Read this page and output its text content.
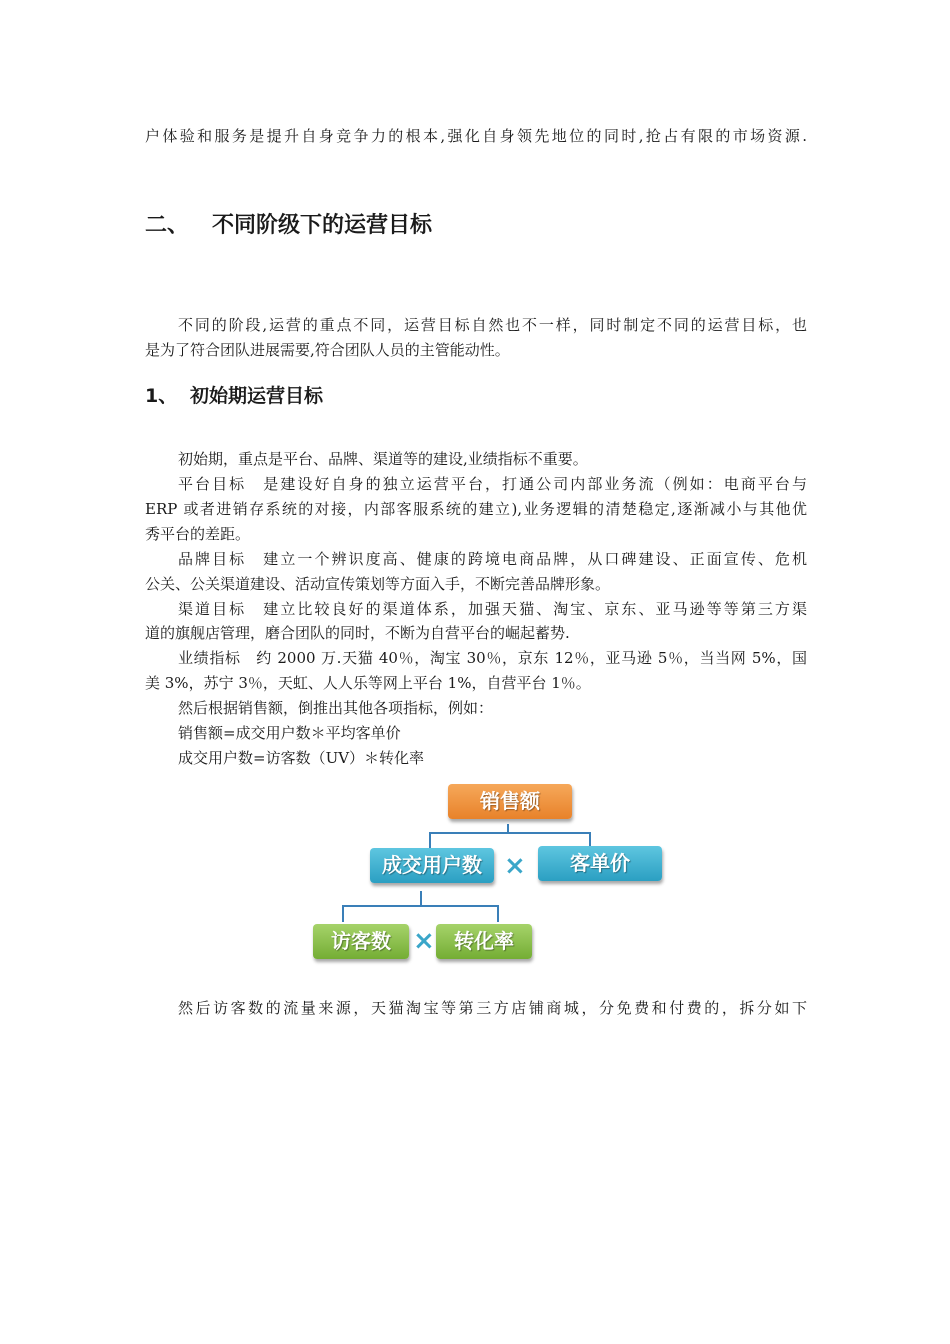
户体验和服务是提升自身竞争力的根本,强化自身领先地位的同时,抢占有限的市场资源.
二、 不同阶级下的运营目标
不同的阶段,运营的重点不同，运营目标自然也不一样，同时制定不同的运营目标，也
是为了符合团队进展需要,符合团队人员的主管能动性。
1、 初始期运营目标
初始期，重点是平台、品牌、渠道等的建设,业绩指标不重要。
平台目标　是建设好自身的独立运营平台，打通公司内部业务流（例如：电商平台与
ERP 或者进销存系统的对接，内部客服系统的建立),业务逻辑的清楚稳定,逐渐减小与其他优
秀平台的差距。
品牌目标　建立一个辨识度高、健康的跨境电商品牌，从口碑建设、正面宣传、危机
公关、公关渠道建设、活动宣传策划等方面入手，不断完善品牌形象。
渠道目标　建立比较良好的渠道体系，加强天猫、淘宝、京东、亚马逊等等第三方渠
道的旗舰店管理，磨合团队的同时，不断为自营平台的崛起蓄势.
业绩指标　约 2000 万.天猫 40％，淘宝 30％，京东 12％，亚马逊 5％，当当网 5%，国
美 3%，苏宁 3％，天虹、人人乐等网上平台 1%，自营平台 1％。
然后根据销售额，倒推出其他各项指标，例如：
销售额=成交用户数＊平均客单价
成交用户数=访客数（UV）＊转化率
销售额
成交用户数 ×	客单价
访客数 × 转化率
然后访客数的流量来源，天猫淘宝等第三方店铺商城，分免费和付费的，拆分如下
